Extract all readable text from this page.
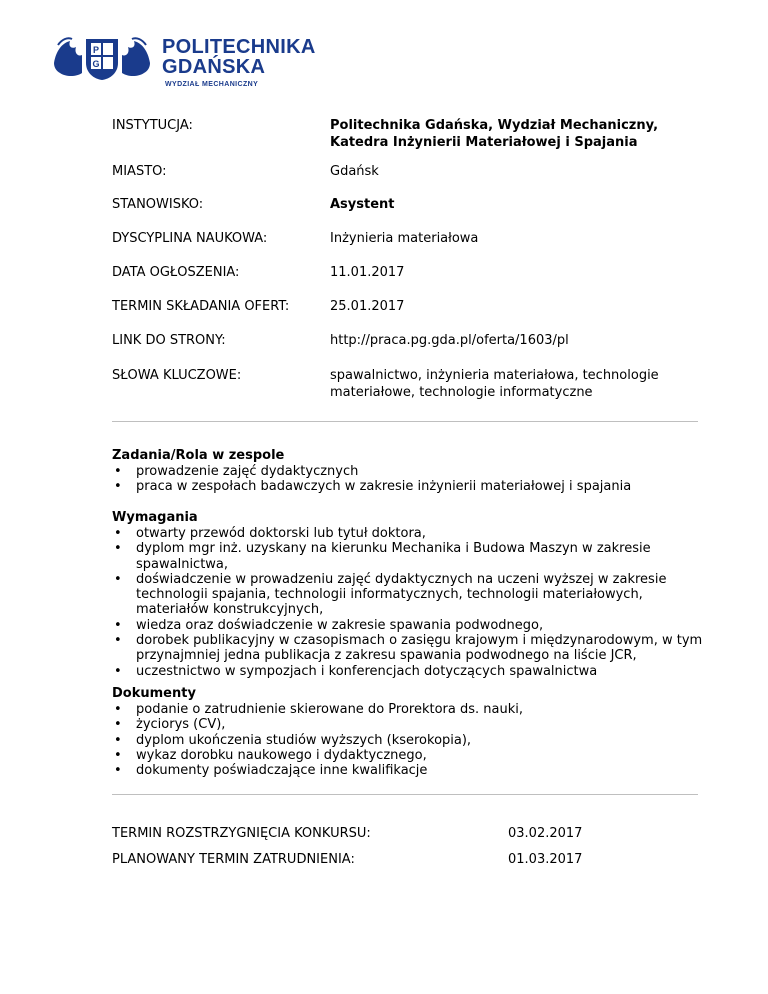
P
G
POLITECHNIKA
GDAŃSKA
WYDZIAŁ MECHANICZNY
INSTYTUCJA:	Politechnika Gdańska, Wydział Mechaniczny, Katedra Inżynierii Materiałowej i Spajania
MIASTO:	Gdańsk
STANOWISKO:	Asystent
DYSCYPLINA NAUKOWA:	Inżynieria materiałowa
DATA OGŁOSZENIA:	11.01.2017
TERMIN SKŁADANIA OFERT:	25.01.2017
LINK DO STRONY:	http://praca.pg.gda.pl/oferta/1603/pl
SŁOWA KLUCZOWE:	spawalnictwo, inżynieria materiałowa, technologie materiałowe, technologie informatyczne
Zadania/Rola w zespole
• prowadzenie zajęć dydaktycznych
• praca w zespołach badawczych w zakresie inżynierii materiałowej i spajania
Wymagania
• otwarty przewód doktorski lub tytuł doktora,
• dyplom mgr inż. uzyskany na kierunku Mechanika i Budowa Maszyn w zakresie spawalnictwa,
• doświadczenie w prowadzeniu zajęć dydaktycznych na uczeni wyższej w zakresie technologii spajania, technologii informatycznych, technologii materiałowych, materiałów konstrukcyjnych,
• wiedza oraz doświadczenie w zakresie spawania podwodnego,
• dorobek publikacyjny w czasopismach o zasięgu krajowym i międzynarodowym, w tym przynajmniej jedna publikacja z zakresu spawania podwodnego na liście JCR,
• uczestnictwo w sympozjach i konferencjach dotyczących spawalnictwa
Dokumenty
• podanie o zatrudnienie skierowane do Prorektora ds. nauki,
• życiorys (CV),
• dyplom ukończenia studiów wyższych (kserokopia),
• wykaz dorobku naukowego i dydaktycznego,
• dokumenty poświadczające inne kwalifikacje
TERMIN ROZSTRZYGNIĘCIA KONKURSU:	03.02.2017
PLANOWANY TERMIN ZATRUDNIENIA:	01.03.2017
